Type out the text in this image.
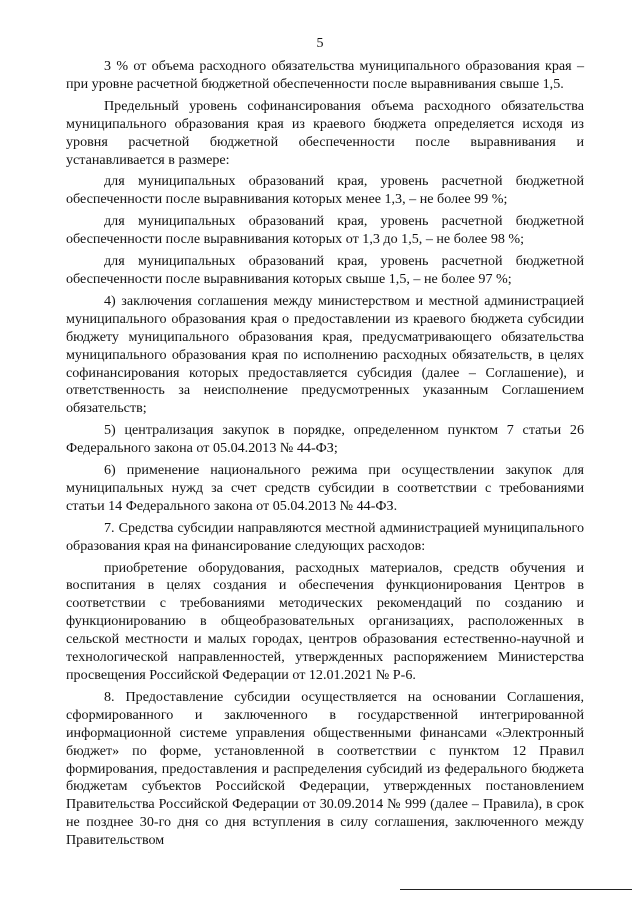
5

3 % от объема расходного обязательства муниципального образования края – при уровне расчетной бюджетной обеспеченности после выравнивания свыше 1,5.

Предельный уровень софинансирования объема расходного обязательства муниципального образования края из краевого бюджета определяется исходя из уровня расчетной бюджетной обеспеченности после выравнивания и устанавливается в размере:

для муниципальных образований края, уровень расчетной бюджетной обеспеченности после выравнивания которых менее 1,3, – не более 99 %;

для муниципальных образований края, уровень расчетной бюджетной обеспеченности после выравнивания которых от 1,3 до 1,5, – не более 98 %;

для муниципальных образований края, уровень расчетной бюджетной обеспеченности после выравнивания которых свыше 1,5, – не более 97 %;

4) заключения соглашения между министерством и местной администрацией муниципального образования края о предоставлении из краевого бюджета субсидии бюджету муниципального образования края, предусматривающего обязательства муниципального образования края по исполнению расходных обязательств, в целях софинансирования которых предоставляется субсидия (далее – Соглашение), и ответственность за неисполнение предусмотренных указанным Соглашением обязательств;

5) централизация закупок в порядке, определенном пунктом 7 статьи 26 Федерального закона от 05.04.2013 № 44-ФЗ;

6) применение национального режима при осуществлении закупок для муниципальных нужд за счет средств субсидии в соответствии с требованиями статьи 14 Федерального закона от 05.04.2013 № 44-ФЗ.

7. Средства субсидии направляются местной администрацией муниципального образования края на финансирование следующих расходов:

приобретение оборудования, расходных материалов, средств обучения и воспитания в целях создания и обеспечения функционирования Центров в соответствии с требованиями методических рекомендаций по созданию и функционированию в общеобразовательных организациях, расположенных в сельской местности и малых городах, центров образования естественно-научной и технологической направленностей, утвержденных распоряжением Министерства просвещения Российской Федерации от 12.01.2021 № Р-6.

8. Предоставление субсидии осуществляется на основании Соглашения, сформированного и заключенного в государственной интегрированной информационной системе управления общественными финансами «Электронный бюджет» по форме, установленной в соответствии с пунктом 12 Правил формирования, предоставления и распределения субсидий из федерального бюджета бюджетам субъектов Российской Федерации, утвержденных постановлением Правительства Российской Федерации от 30.09.2014 № 999 (далее – Правила), в срок не позднее 30-го дня со дня вступления в силу соглашения, заключенного между Правительством
